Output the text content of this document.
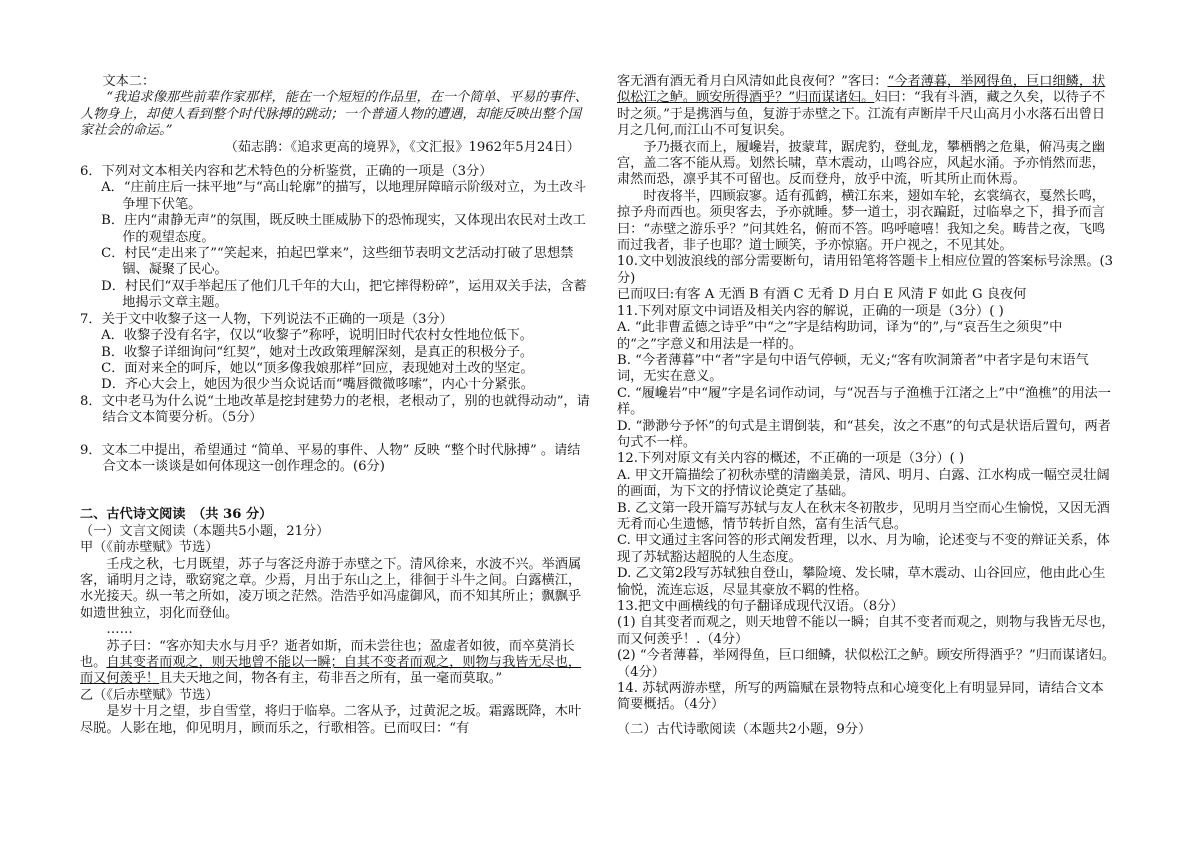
文本二：

“我追求像那些前辈作家那样，能在一个短短的作品里，在一个简单、平易的事件、人物身上，却使人看到整个时代脉搏的跳动；一个普通人物的遭遇，却能反映出整个国家社会的命运。”

（茹志鹃：《追求更高的境界》，《文汇报》1962年5月24日）

6．下列对文本相关内容和艺术特色的分析鉴赏，正确的一项是（3分）

A．“庄前庄后一抹平地”与“高山轮廓”的描写，以地理屏障暗示阶级对立，为土改斗争埋下伏笔。

B．庄内“肃静无声”的氛围，既反映土匪威胁下的恐怖现实，又体现出农民对土改工作的观望态度。

C．村民“走出来了”“笑起来，拍起巴掌来”，这些细节表明文艺活动打破了思想禁锢、凝聚了民心。

D．村民们“双手举起压了他们几千年的大山，把它摔得粉碎”，运用双关手法，含蓄地揭示文章主题。

7．关于文中收黎子这一人物，下列说法不正确的一项是（3分）

A．收黎子没有名字，仅以“收黎子”称呼，说明旧时代农村女性地位低下。

B．收黎子详细询问“红契”，她对土改政策理解深刻，是真正的积极分子。

C．面对来全的呵斥，她以“顶多像我娘那样”回应，表现她对土改的坚定。

D．齐心大会上，她因为很少当众说话而“嘴唇微微哆嗦”，内心十分紧张。

8．文中老马为什么说“土地改革是挖封建势力的老根，老根动了，别的也就得动动”，请结合文本简要分析。（5分）

9．文本二中提出，希望通过 “简单、平易的事件、人物” 反映 “整个时代脉搏” 。请结合文本一谈谈是如何体现这一创作理念的。(6分)

二、古代诗文阅读　（共 36 分）

（一）文言文阅读（本题共5小题，21分）

甲（《前赤壁赋》节选）

壬戌之秋，七月既望，苏子与客泛舟游于赤壁之下。清风徐来，水波不兴。举酒属客，诵明月之诗，歌窈窕之章。少焉，月出于东山之上，徘徊于斗牛之间。白露横江，水光接天。纵一苇之所如，凌万顷之茫然。浩浩乎如冯虚御风，而不知其所止；飘飘乎如遗世独立，羽化而登仙。

……

苏子曰：“客亦知夫水与月乎？逝者如斯，而未尝往也；盈虚者如彼，而卒莫消长也。自其变者而观之，则天地曾不能以一瞬；自其不变者而观之，则物与我皆无尽也，而又何羡乎！且夫天地之间，物各有主，苟非吾之所有，虽一毫而莫取。”

乙（《后赤壁赋》节选）

是岁十月之望，步自雪堂，将归于临皋。二客从予，过黄泥之坂。霜露既降，木叶尽脱。人影在地，仰见明月，顾而乐之，行歌相答。已而叹曰：“有

客无酒有酒无肴月白风清如此良夜何？”客曰：“今者薄暮，举网得鱼，巨口细鳞，状似松江之鲈。顾安所得酒乎？”归而谋诸妇。妇曰：“我有斗酒，藏之久矣，以待子不时之须。”于是携酒与鱼，复游于赤壁之下。江流有声断岸千尺山高月小水落石出曾日月之几何,而江山不可复识矣。

予乃摄衣而上，履巉岩，披蒙茸，踞虎豹，登虬龙，攀栖鹘之危巢，俯冯夷之幽宫，盖二客不能从焉。划然长啸，草木震动，山鸣谷应，风起水涌。予亦悄然而悲，肃然而恐，凛乎其不可留也。反而登舟，放乎中流，听其所止而休焉。

时夜将半，四顾寂寥。适有孤鹤，横江东来，翅如车轮，玄裳缟衣，戛然长鸣，掠予舟而西也。须臾客去，予亦就睡。梦一道士，羽衣蹁跹，过临皋之下，揖予而言曰：“赤壁之游乐乎？”问其姓名，俯而不答。呜呼噫嘻！我知之矣。畴昔之夜，飞鸣而过我者，非子也耶？道士顾笑，予亦惊寤。开户视之，不见其处。

10.文中划波浪线的部分需要断句，请用铅笔将答题卡上相应位置的答案标号涂黑。(3分)

已而叹曰:有客 A 无酒 B 有酒 C 无肴 D 月白 E 风清 F 如此 G 良夜何

11.下列对原文中词语及相关内容的解说，正确的一项是（3分）( )

A. “此非曹孟德之诗乎”中“之”字是结构助词，译为“的”,与“哀吾生之须臾”中的“之”字意义和用法是一样的。

B. “今者薄暮”中“者”字是句中语气停顿，无义;“客有吹洞箫者”中者字是句末语气词，无实在意义。

C. “履巉岩”中“履”字是名词作动词，与“况吾与子渔樵于江渚之上”中“渔樵”的用法一样。

D. “渺渺兮予怀”的句式是主谓倒装，和“甚矣，汝之不惠”的句式是状语后置句，两者句式不一样。

12.下列对原文有关内容的概述，不正确的一项是（3分）( )

A. 甲文开篇描绘了初秋赤壁的清幽美景，清风、明月、白露、江水构成一幅空灵壮阔的画面，为下文的抒情议论奠定了基础。

B. 乙文第一段开篇写苏轼与友人在秋末冬初散步，见明月当空而心生愉悦，又因无酒无肴而心生遗憾，情节转折自然，富有生活气息。

C. 甲文通过主客问答的形式阐发哲理，以水、月为喻，论述变与不变的辩证关系，体现了苏轼豁达超脱的人生态度。

D. 乙文第2段写苏轼独自登山，攀险境、发长啸，草木震动、山谷回应，他由此心生愉悦，流连忘返，尽显其豪放不羁的性格。

13.把文中画横线的句子翻译成现代汉语。（8分）

(1) 自其变者而观之，则天地曾不能以一瞬；自其不变者而观之，则物与我皆无尽也，而又何羡乎！.（4分）

(2) “今者薄暮，举网得鱼，巨口细鳞，状似松江之鲈。顾安所得酒乎？”归而谋诸妇。（4分）

14. 苏轼两游赤壁，所写的两篇赋在景物特点和心境变化上有明显异同，请结合文本简要概括。（4分）

（二）古代诗歌阅读（本题共2小题，9分）
